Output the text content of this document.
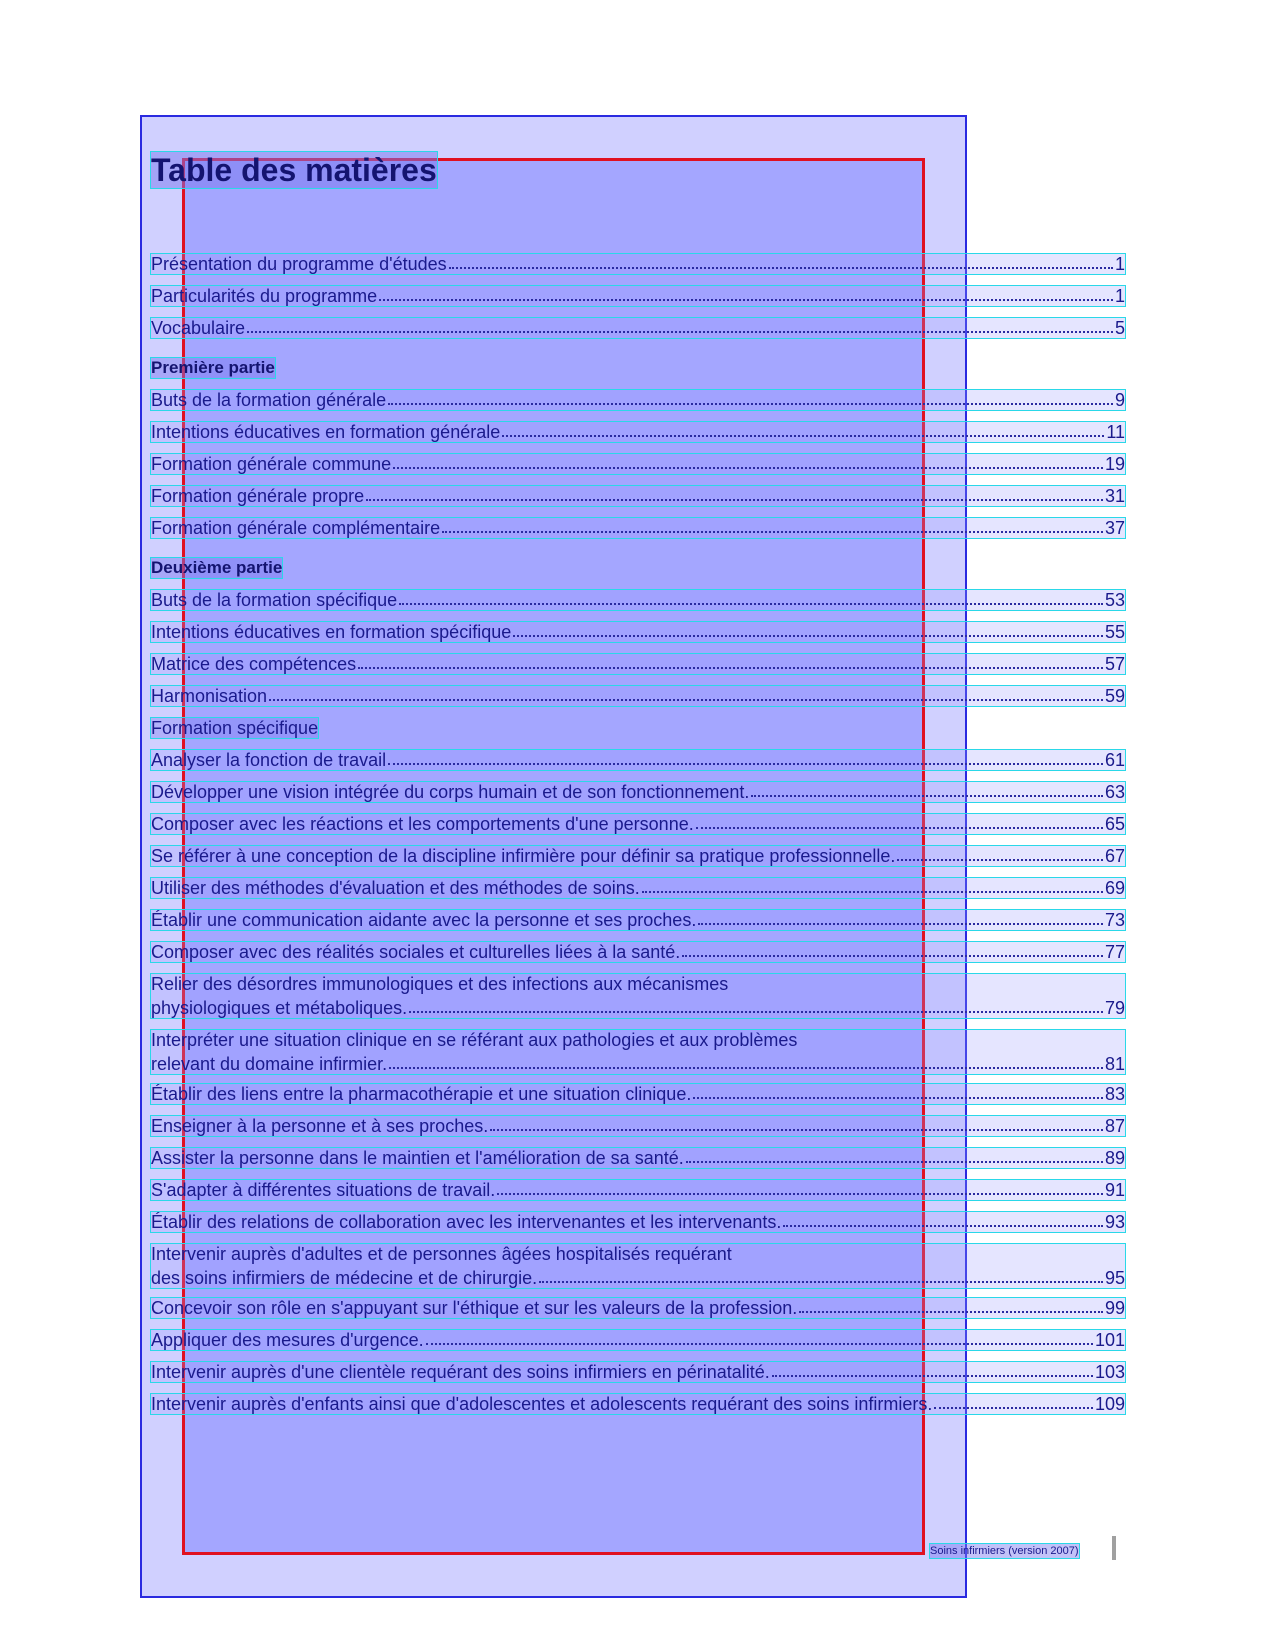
Table des matières
Présentation du programme d'études	1
Particularités du programme	1
Vocabulaire	5
Première partie
Buts de la formation générale	9
Intentions éducatives en formation générale	11
Formation générale commune	19
Formation générale propre	31
Formation générale complémentaire	37
Deuxième partie
Buts de la formation spécifique	53
Intentions éducatives en formation spécifique	55
Matrice des compétences	57
Harmonisation	59
Formation spécifique
Analyser la fonction de travail	61
Développer une vision intégrée du corps humain et de son fonctionnement.	63
Composer avec les réactions et les comportements d'une personne.	65
Se référer à une conception de la discipline infirmière pour définir sa pratique professionnelle.	67
Utiliser des méthodes d'évaluation et des méthodes de soins.	69
Établir une communication aidante avec la personne et ses proches.	73
Composer avec des réalités sociales et culturelles liées à la santé.	77
Relier des désordres immunologiques et des infections aux mécanismes
physiologiques et métaboliques.	79
Interpréter une situation clinique en se référant aux pathologies et aux problèmes
relevant du domaine infirmier.	81
Établir des liens entre la pharmacothérapie et une situation clinique.	83
Enseigner à la personne et à ses proches.	87
Assister la personne dans le maintien et l'amélioration de sa santé.	89
S'adapter à différentes situations de travail.	91
Établir des relations de collaboration avec les intervenantes et les intervenants.	93
Intervenir auprès d'adultes et de personnes âgées hospitalisés requérant
des soins infirmiers de médecine et de chirurgie.	95
Concevoir son rôle en s'appuyant sur l'éthique et sur les valeurs de la profession.	99
Appliquer des mesures d'urgence.	101
Intervenir auprès d'une clientèle requérant des soins infirmiers en périnatalité.	103
Intervenir auprès d'enfants ainsi que d'adolescentes et adolescents requérant des soins infirmiers.	109
Soins infirmiers (version 2007)
